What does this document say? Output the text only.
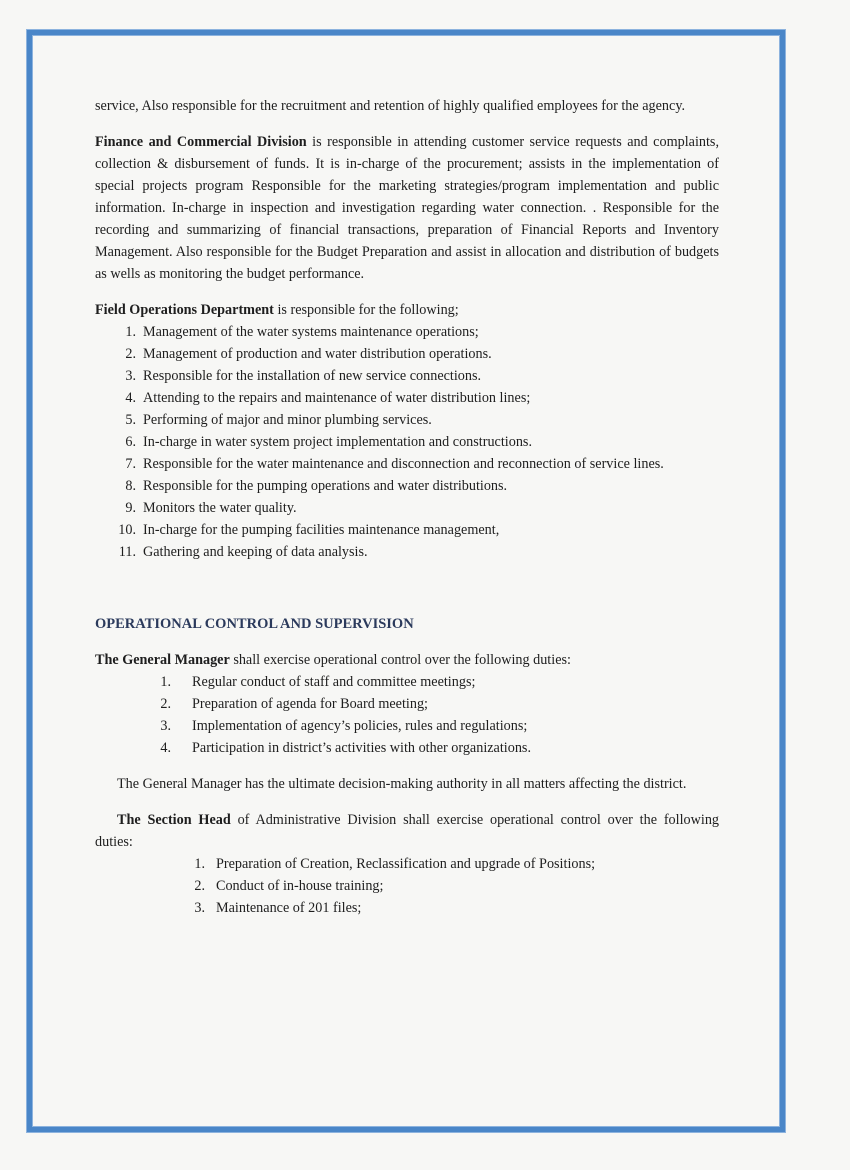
service, Also responsible for the recruitment and retention of highly qualified employees for the agency.

Finance and Commercial Division is responsible in attending customer service requests and complaints, collection & disbursement of funds. It is in-charge of the procurement; assists in the implementation of special projects program Responsible for the marketing strategies/program implementation and public information. In-charge in inspection and investigation regarding water connection. . Responsible for the recording and summarizing of financial transactions, preparation of Financial Reports and Inventory Management. Also responsible for the Budget Preparation and assist in allocation and distribution of budgets as wells as monitoring the budget performance.

Field Operations Department is responsible for the following;

1. Management of the water systems maintenance operations;
2. Management of production and water distribution operations.
3. Responsible for the installation of new service connections.
4. Attending to the repairs and maintenance of water distribution lines;
5. Performing of major and minor plumbing services.
6. In-charge in water system project implementation and constructions.
7. Responsible for the water maintenance and disconnection and reconnection of service lines.
8. Responsible for the pumping operations and water distributions.
9. Monitors the water quality.
10. In-charge for the pumping facilities maintenance management,
11. Gathering and keeping of data analysis.
OPERATIONAL CONTROL AND SUPERVISION

The General Manager shall exercise operational control over the following duties:

1. Regular conduct of staff and committee meetings;
2. Preparation of agenda for Board meeting;
3. Implementation of agency’s policies, rules and regulations;
4. Participation in district’s activities with other organizations.

The General Manager has the ultimate decision-making authority in all matters affecting the district.

The Section Head of Administrative Division shall exercise operational control over the following duties:

1. Preparation of Creation, Reclassification and upgrade of Positions;
2. Conduct of in-house training;
3. Maintenance of 201 files;
